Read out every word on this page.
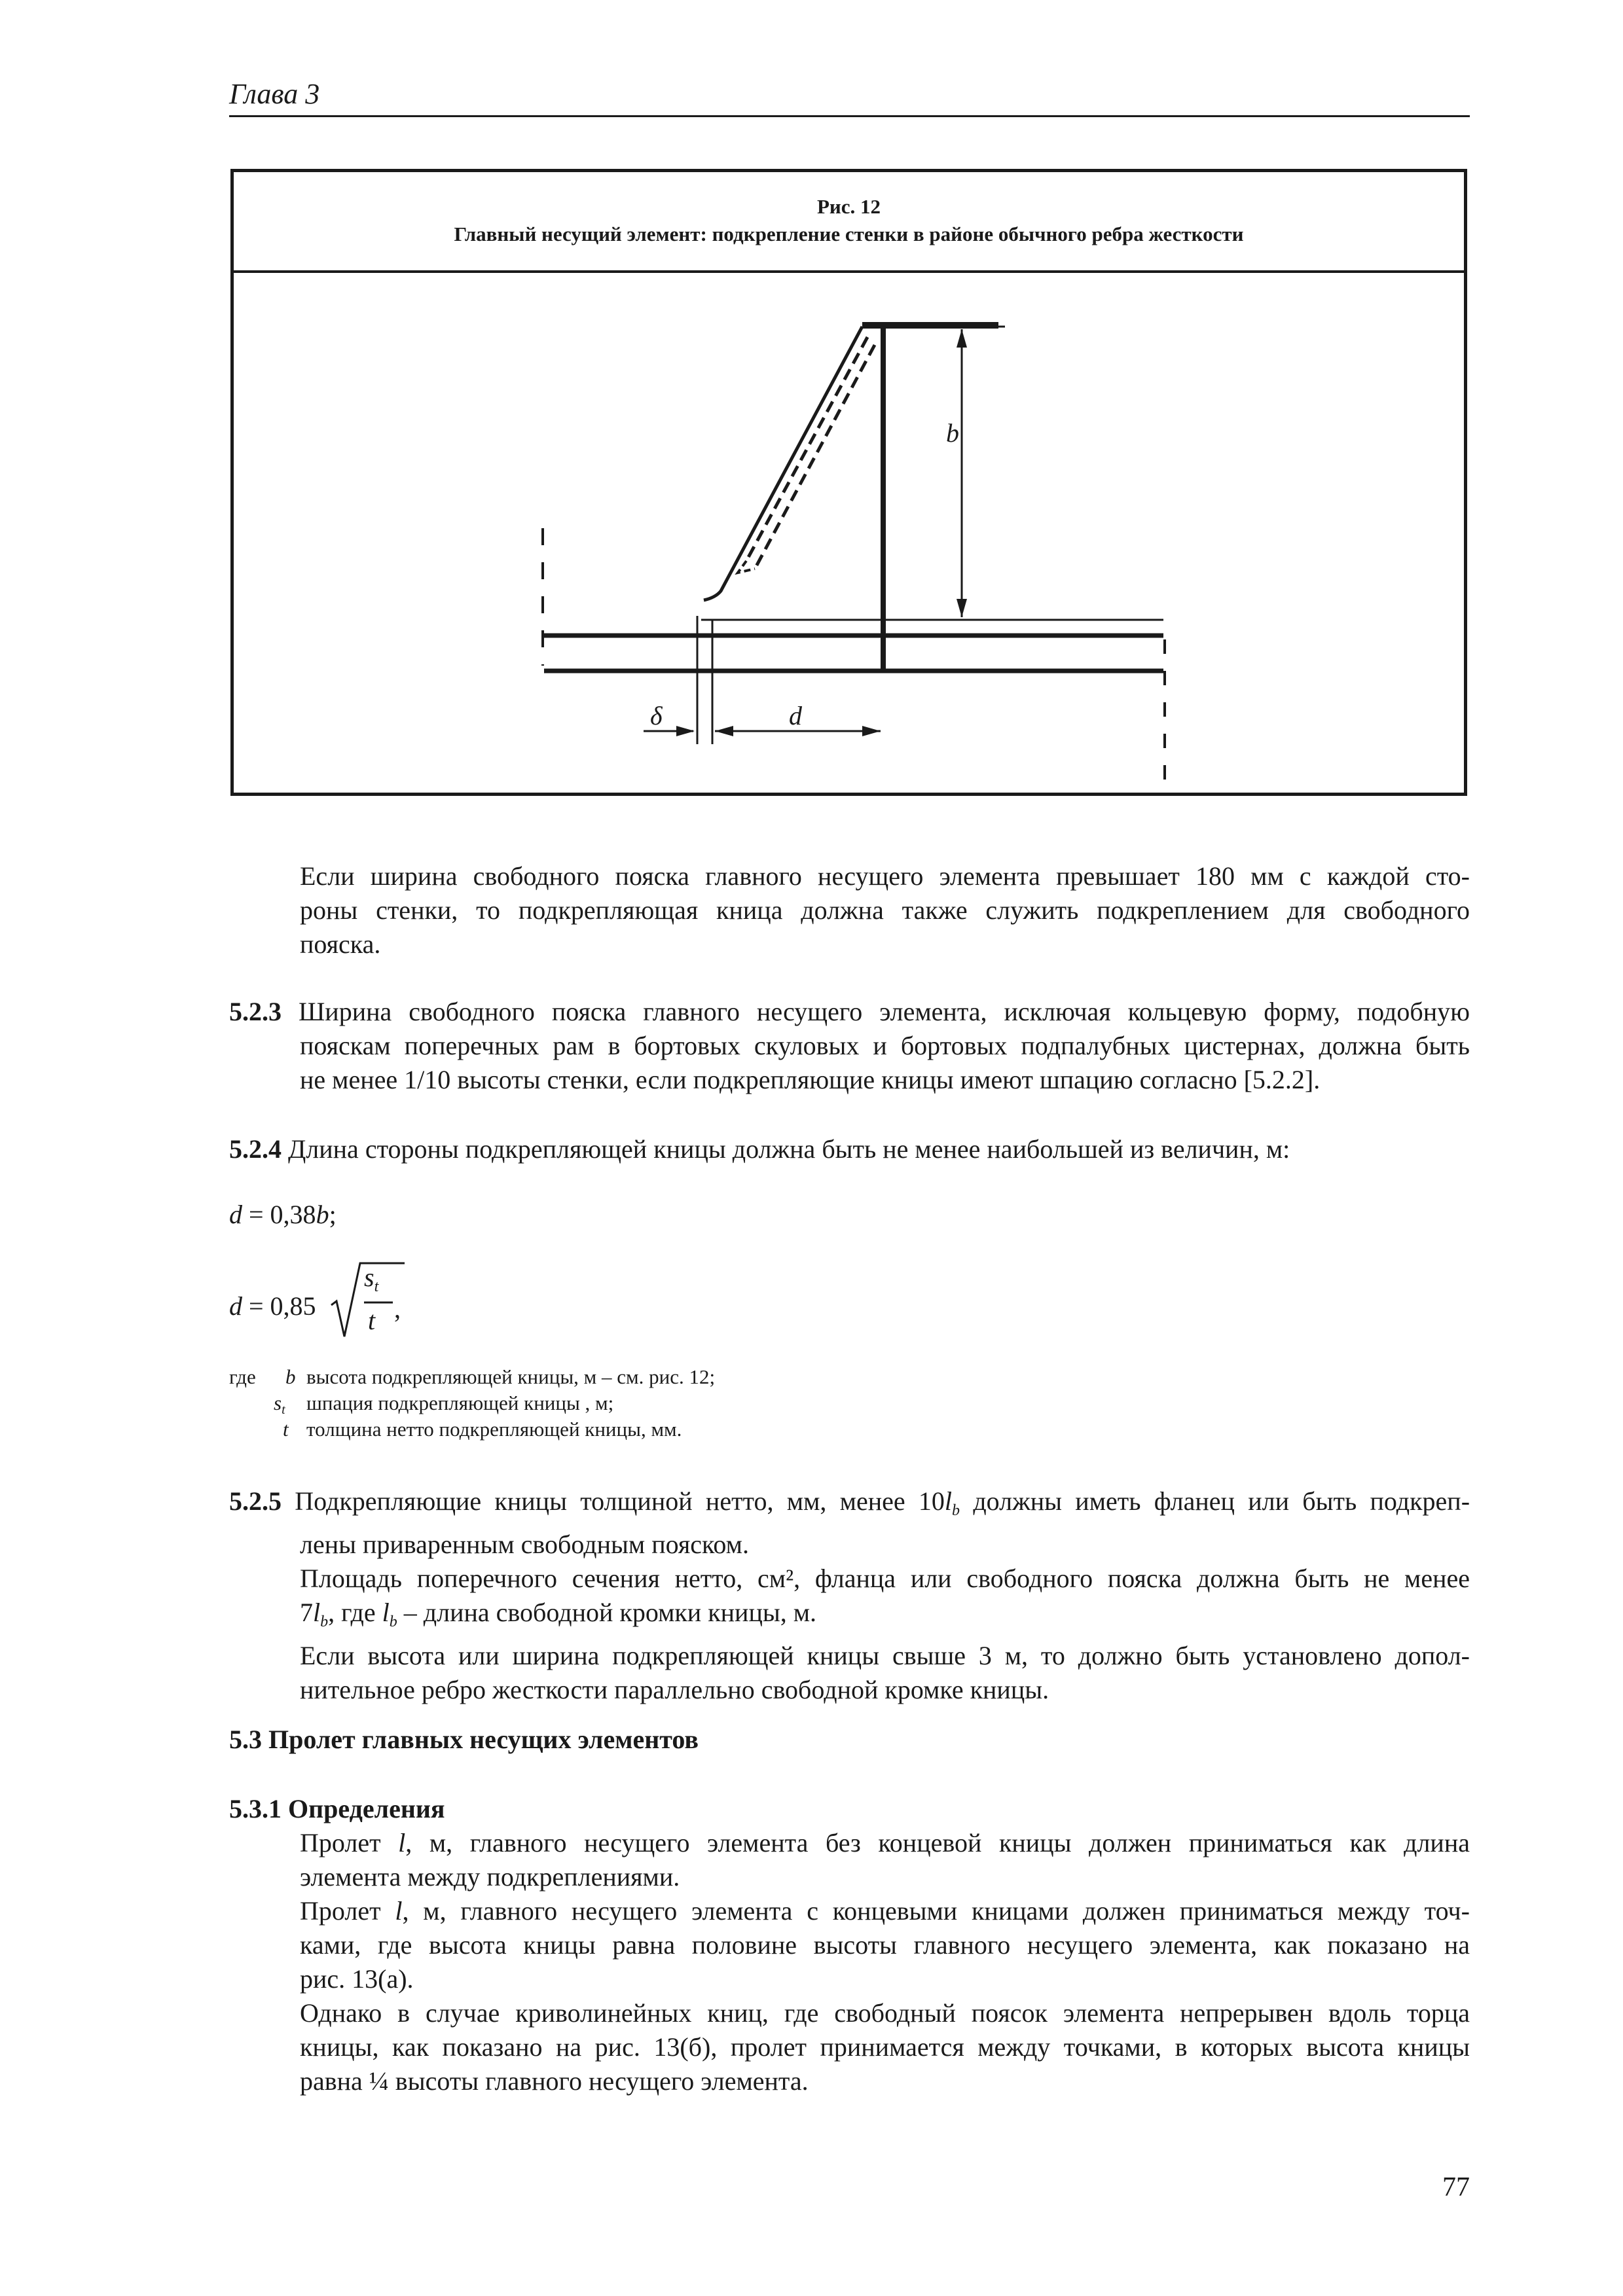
Глава 3
Рис. 12
Главный несущий элемент: подкрепление стенки в районе обычного ребра жесткости
b
d
δ
Если ширина свободного пояска главного несущего элемента превышает 180 мм с каждой сто-
роны стенки, то подкрепляющая кница должна также служить подкреплением для свободного
пояска.
5.2.3 Ширина свободного пояска главного несущего элемента, исключая кольцевую форму, подобную
пояскам поперечных рам в бортовых скуловых и бортовых подпалубных цистернах, должна быть
не менее 1/10 высоты стенки, если подкрепляющие кницы имеют шпацию согласно [5.2.2].
5.2.4 Длина стороны подкрепляющей кницы должна быть не менее наибольшей из величин, м:
d = 0,38b;
d = 0,85
$s_t$
t ,
где b высота подкрепляющей кницы, м – см. рис. 12;
st шпация подкрепляющей кницы , м;
t толщина нетто подкрепляющей кницы, мм.
5.2.5 Подкрепляющие кницы толщиной нетто, мм, менее $10l_b$ должны иметь фланец или быть подкреп-
лены приваренным свободным пояском.
Площадь поперечного сечения нетто, см², фланца или свободного пояска должна быть не менее
$7l_b$, где $l_b$ – длина свободной кромки кницы, м.
Если высота или ширина подкрепляющей кницы свыше 3 м, то должно быть установлено допол-
нительное ребро жесткости параллельно свободной кромке кницы.
5.3 Пролет главных несущих элементов
5.3.1 Определения
Пролет l, м, главного несущего элемента без концевой кницы должен приниматься как длина
элемента между подкреплениями.
Пролет l, м, главного несущего элемента с концевыми кницами должен приниматься между точ-
ками, где высота кницы равна половине высоты главного несущего элемента, как показано на
рис. 13(а).
Однако в случае криволинейных книц, где свободный поясок элемента непрерывен вдоль торца
кницы, как показано на рис. 13(б), пролет принимается между точками, в которых высота кницы
равна ¼ высоты главного несущего элемента.
77
